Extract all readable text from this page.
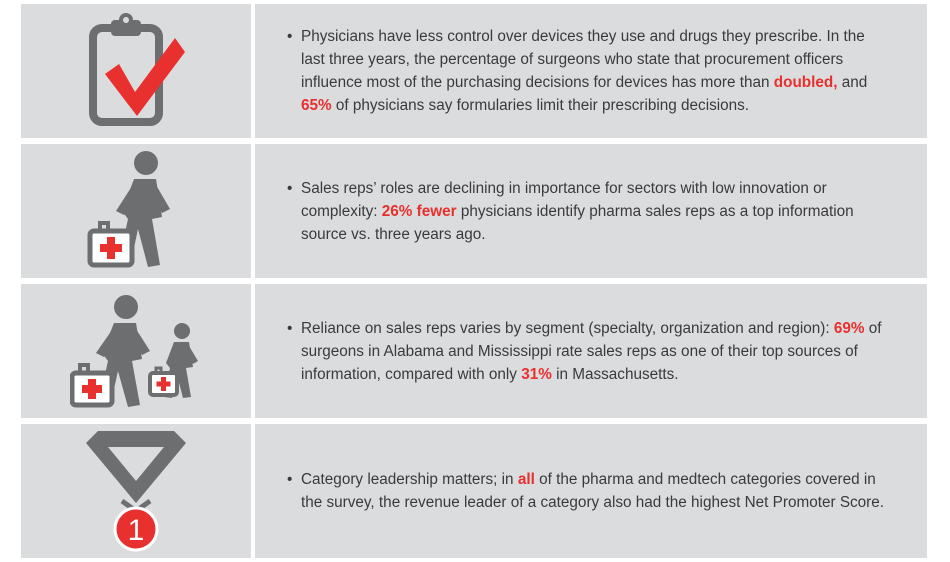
• Physicians have less control over devices they use and drugs they prescribe. In the last three years, the percentage of surgeons who state that procurement officers influence most of the purchasing decisions for devices has more than doubled, and 65% of physicians say formularies limit their prescribing decisions.
• Sales reps’ roles are declining in importance for sectors with low innovation or complexity: 26% fewer physicians identify pharma sales reps as a top information source vs. three years ago.
• Reliance on sales reps varies by segment (specialty, organization and region): 69% of surgeons in Alabama and Mississippi rate sales reps as one of their top sources of information, compared with only 31% in Massachusetts.
1
• Category leadership matters; in all of the pharma and medtech categories covered in the survey, the revenue leader of a category also had the highest Net Promoter Score.
